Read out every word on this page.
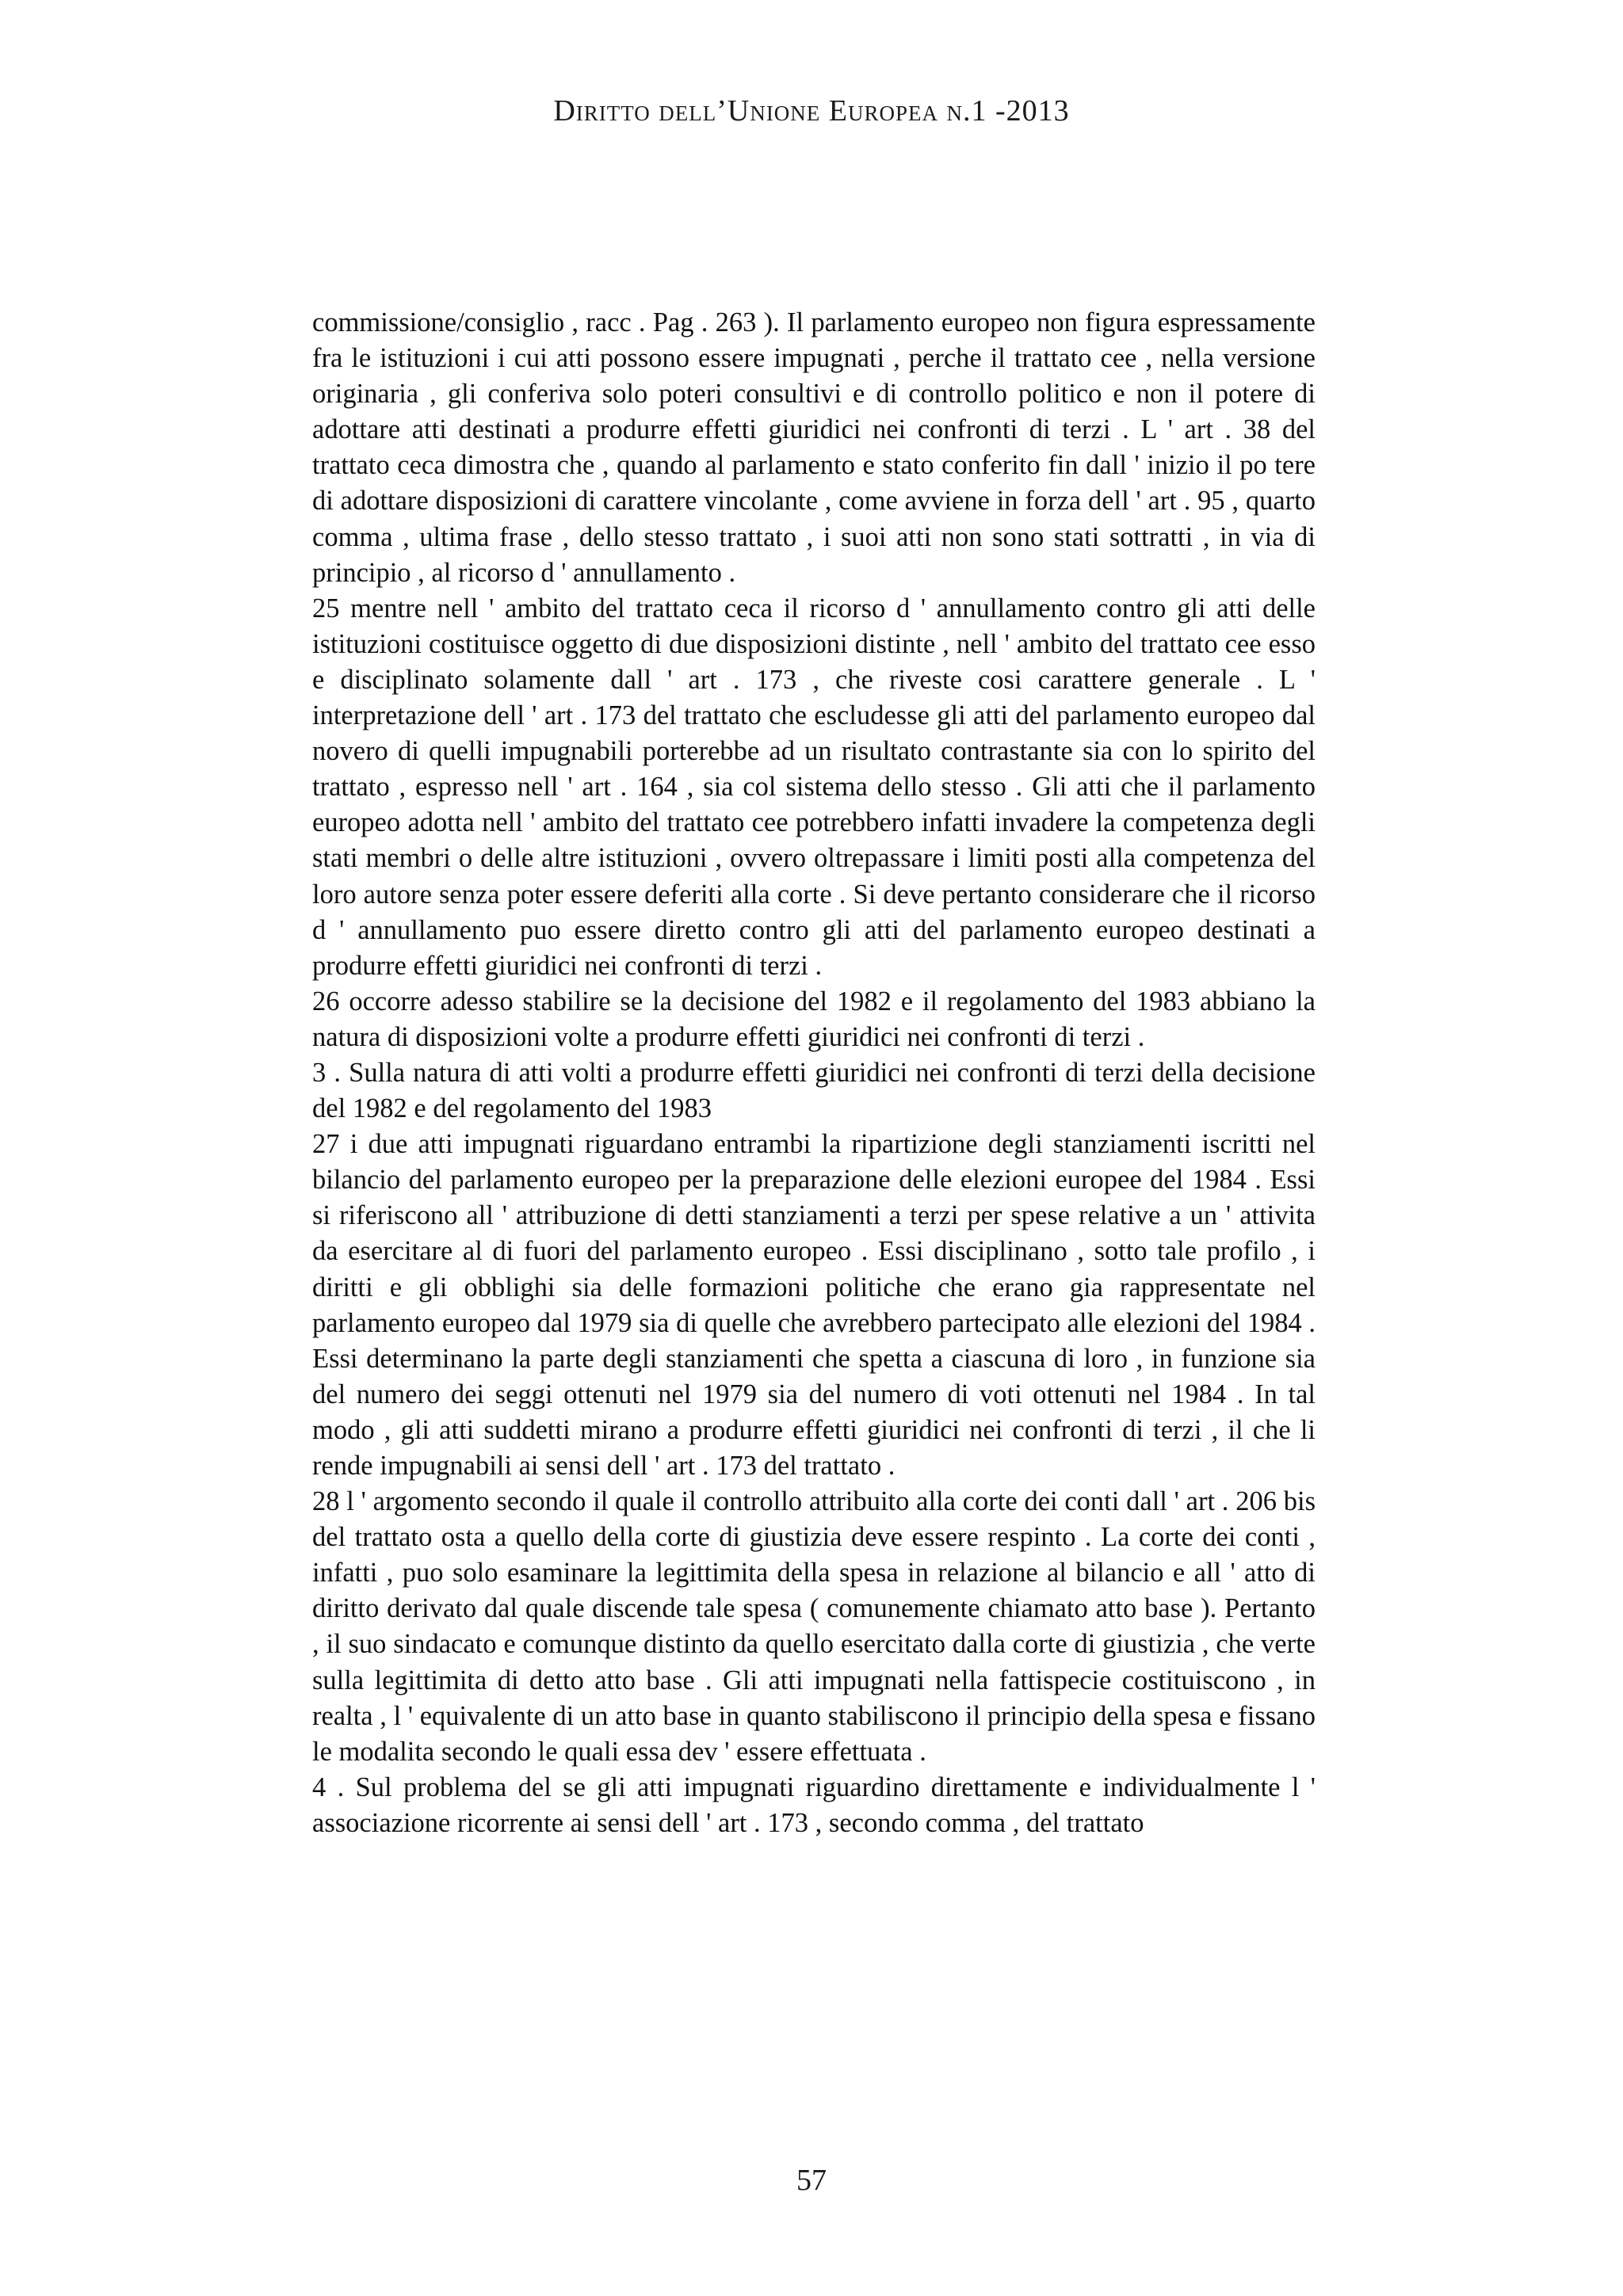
Diritto dell’Unione Europea n.1 -2013

commissione/consiglio , racc . Pag . 263 ). Il parlamento europeo non figura espressamente fra le istituzioni i cui atti possono essere impugnati , perche il trattato cee , nella versione originaria , gli conferiva solo poteri consultivi e di controllo politico e non il potere di adottare atti destinati a produrre effetti giuridici nei confronti di terzi . L ' art . 38 del trattato ceca dimostra che , quando al parlamento e stato conferito fin dall ' inizio il po tere di adottare disposizioni di carattere vincolante , come avviene in forza dell ' art . 95 , quarto comma , ultima frase , dello stesso trattato , i suoi atti non sono stati sottratti , in via di principio , al ricorso d ' annullamento .

25 mentre nell ' ambito del trattato ceca il ricorso d ' annullamento contro gli atti delle istituzioni costituisce oggetto di due disposizioni distinte , nell ' ambito del trattato cee esso e disciplinato solamente dall ' art . 173 , che riveste cosi carattere generale . L ' interpretazione dell ' art . 173 del trattato che escludesse gli atti del parlamento europeo dal novero di quelli impugnabili porterebbe ad un risultato contrastante sia con lo spirito del trattato , espresso nell ' art . 164 , sia col sistema dello stesso . Gli atti che il parlamento europeo adotta nell ' ambito del trattato cee potrebbero infatti invadere la competenza degli stati membri o delle altre istituzioni , ovvero oltrepassare i limiti posti alla competenza del loro autore senza poter essere deferiti alla corte . Si deve pertanto considerare che il ricorso d ' annullamento puo essere diretto contro gli atti del parlamento europeo destinati a produrre effetti giuridici nei confronti di terzi .

26 occorre adesso stabilire se la decisione del 1982 e il regolamento del 1983 abbiano la natura di disposizioni volte a produrre effetti giuridici nei confronti di terzi .

3 . Sulla natura di atti volti a produrre effetti giuridici nei confronti di terzi della decisione del 1982 e del regolamento del 1983

27 i due atti impugnati riguardano entrambi la ripartizione degli stanziamenti iscritti nel bilancio del parlamento europeo per la preparazione delle elezioni europee del 1984 . Essi si riferiscono all ' attribuzione di detti stanziamenti a terzi per spese relative a un ' attivita da esercitare al di fuori del parlamento europeo . Essi disciplinano , sotto tale profilo , i diritti e gli obblighi sia delle formazioni politiche che erano gia rappresentate nel parlamento europeo dal 1979 sia di quelle che avrebbero partecipato alle elezioni del 1984 . Essi determinano la parte degli stanziamenti che spetta a ciascuna di loro , in funzione sia del numero dei seggi ottenuti nel 1979 sia del numero di voti ottenuti nel 1984 . In tal modo , gli atti suddetti mirano a produrre effetti giuridici nei confronti di terzi , il che li rende impugnabili ai sensi dell ' art . 173 del trattato .

28 l ' argomento secondo il quale il controllo attribuito alla corte dei conti dall ' art . 206 bis del trattato osta a quello della corte di giustizia deve essere respinto . La corte dei conti , infatti , puo solo esaminare la legittimita della spesa in relazione al bilancio e all ' atto di diritto derivato dal quale discende tale spesa ( comunemente chiamato atto base ). Pertanto , il suo sindacato e comunque distinto da quello esercitato dalla corte di giustizia , che verte sulla legittimita di detto atto base . Gli atti impugnati nella fattispecie costituiscono , in realta , l ' equivalente di un atto base in quanto stabiliscono il principio della spesa e fissano le modalita secondo le quali essa dev ' essere effettuata .

4 . Sul problema del se gli atti impugnati riguardino direttamente e individualmente l ' associazione ricorrente ai sensi dell ' art . 173 , secondo comma , del trattato

57
